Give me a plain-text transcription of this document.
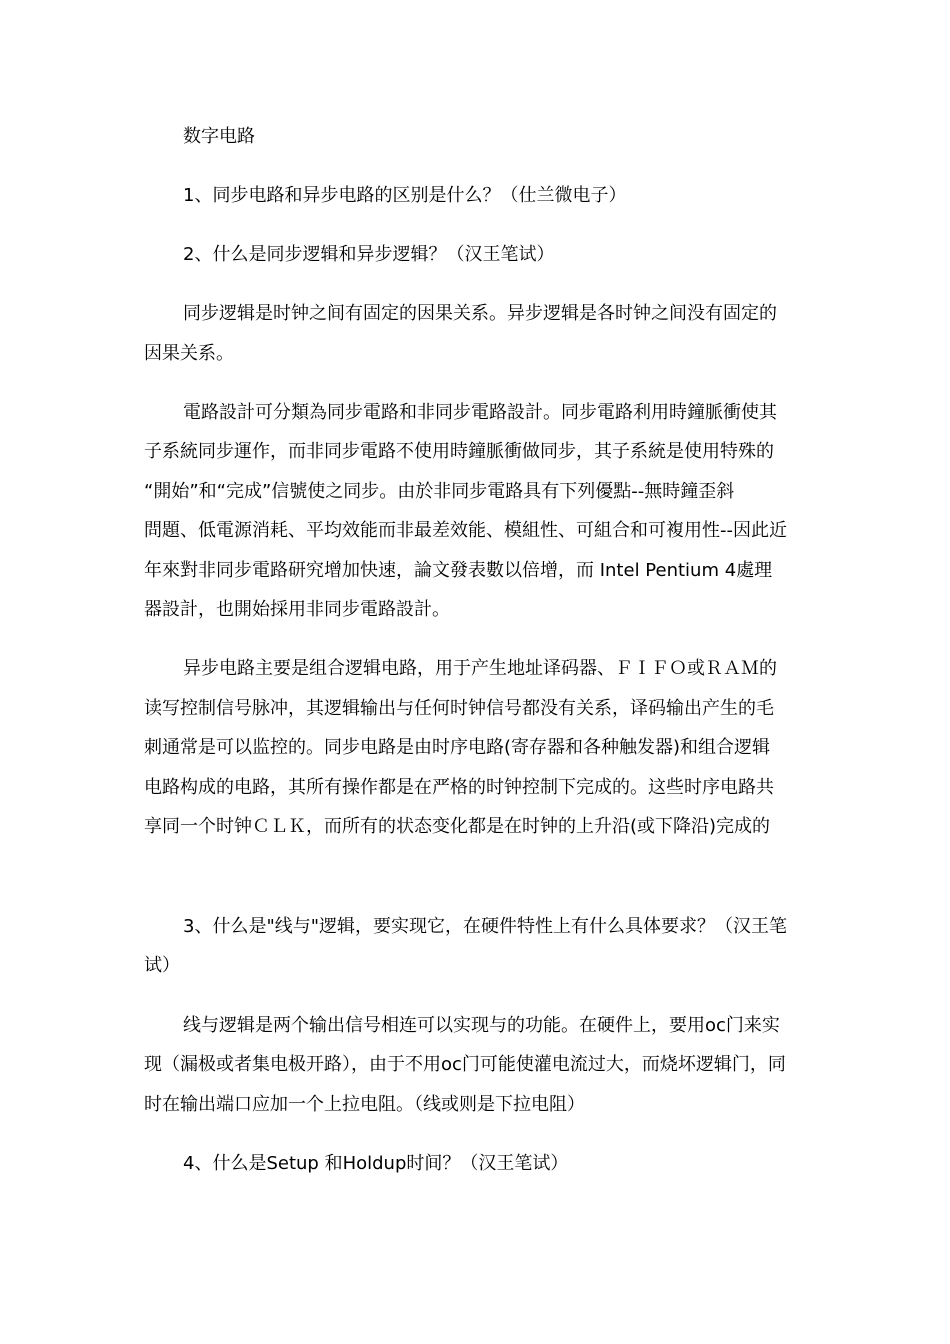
数字电路

1、同步电路和异步电路的区别是什么？（仕兰微电子）

2、什么是同步逻辑和异步逻辑？（汉王笔试）

同步逻辑是时钟之间有固定的因果关系。异步逻辑是各时钟之间没有固定的

因果关系。

電路設計可分類為同步電路和非同步電路設計。同步電路利用時鐘脈衝使其

子系統同步運作，而非同步電路不使用時鐘脈衝做同步，其子系統是使用特殊的

“開始”和“完成”信號使之同步。由於非同步電路具有下列優點--無時鐘歪斜

問題、低電源消耗、平均效能而非最差效能、模組性、可組合和可複用性--因此近

年來對非同步電路研究增加快速，論文發表數以倍增，而 Intel Pentium 4處理

器設計，也開始採用非同步電路設計。

异步电路主要是组合逻辑电路，用于产生地址译码器、ＦＩＦＯ或ＲＡＭ的

读写控制信号脉冲，其逻辑输出与任何时钟信号都没有关系，译码输出产生的毛

刺通常是可以监控的。同步电路是由时序电路(寄存器和各种触发器)和组合逻辑

电路构成的电路，其所有操作都是在严格的时钟控制下完成的。这些时序电路共

享同一个时钟ＣＬＫ，而所有的状态变化都是在时钟的上升沿(或下降沿)完成的

3、什么是"线与"逻辑，要实现它，在硬件特性上有什么具体要求？（汉王笔

试）

线与逻辑是两个输出信号相连可以实现与的功能。在硬件上，要用oc门来实

现（漏极或者集电极开路），由于不用oc门可能使灌电流过大，而烧坏逻辑门，同

时在输出端口应加一个上拉电阻。（线或则是下拉电阻）

4、什么是Setup 和Holdup时间？（汉王笔试）
